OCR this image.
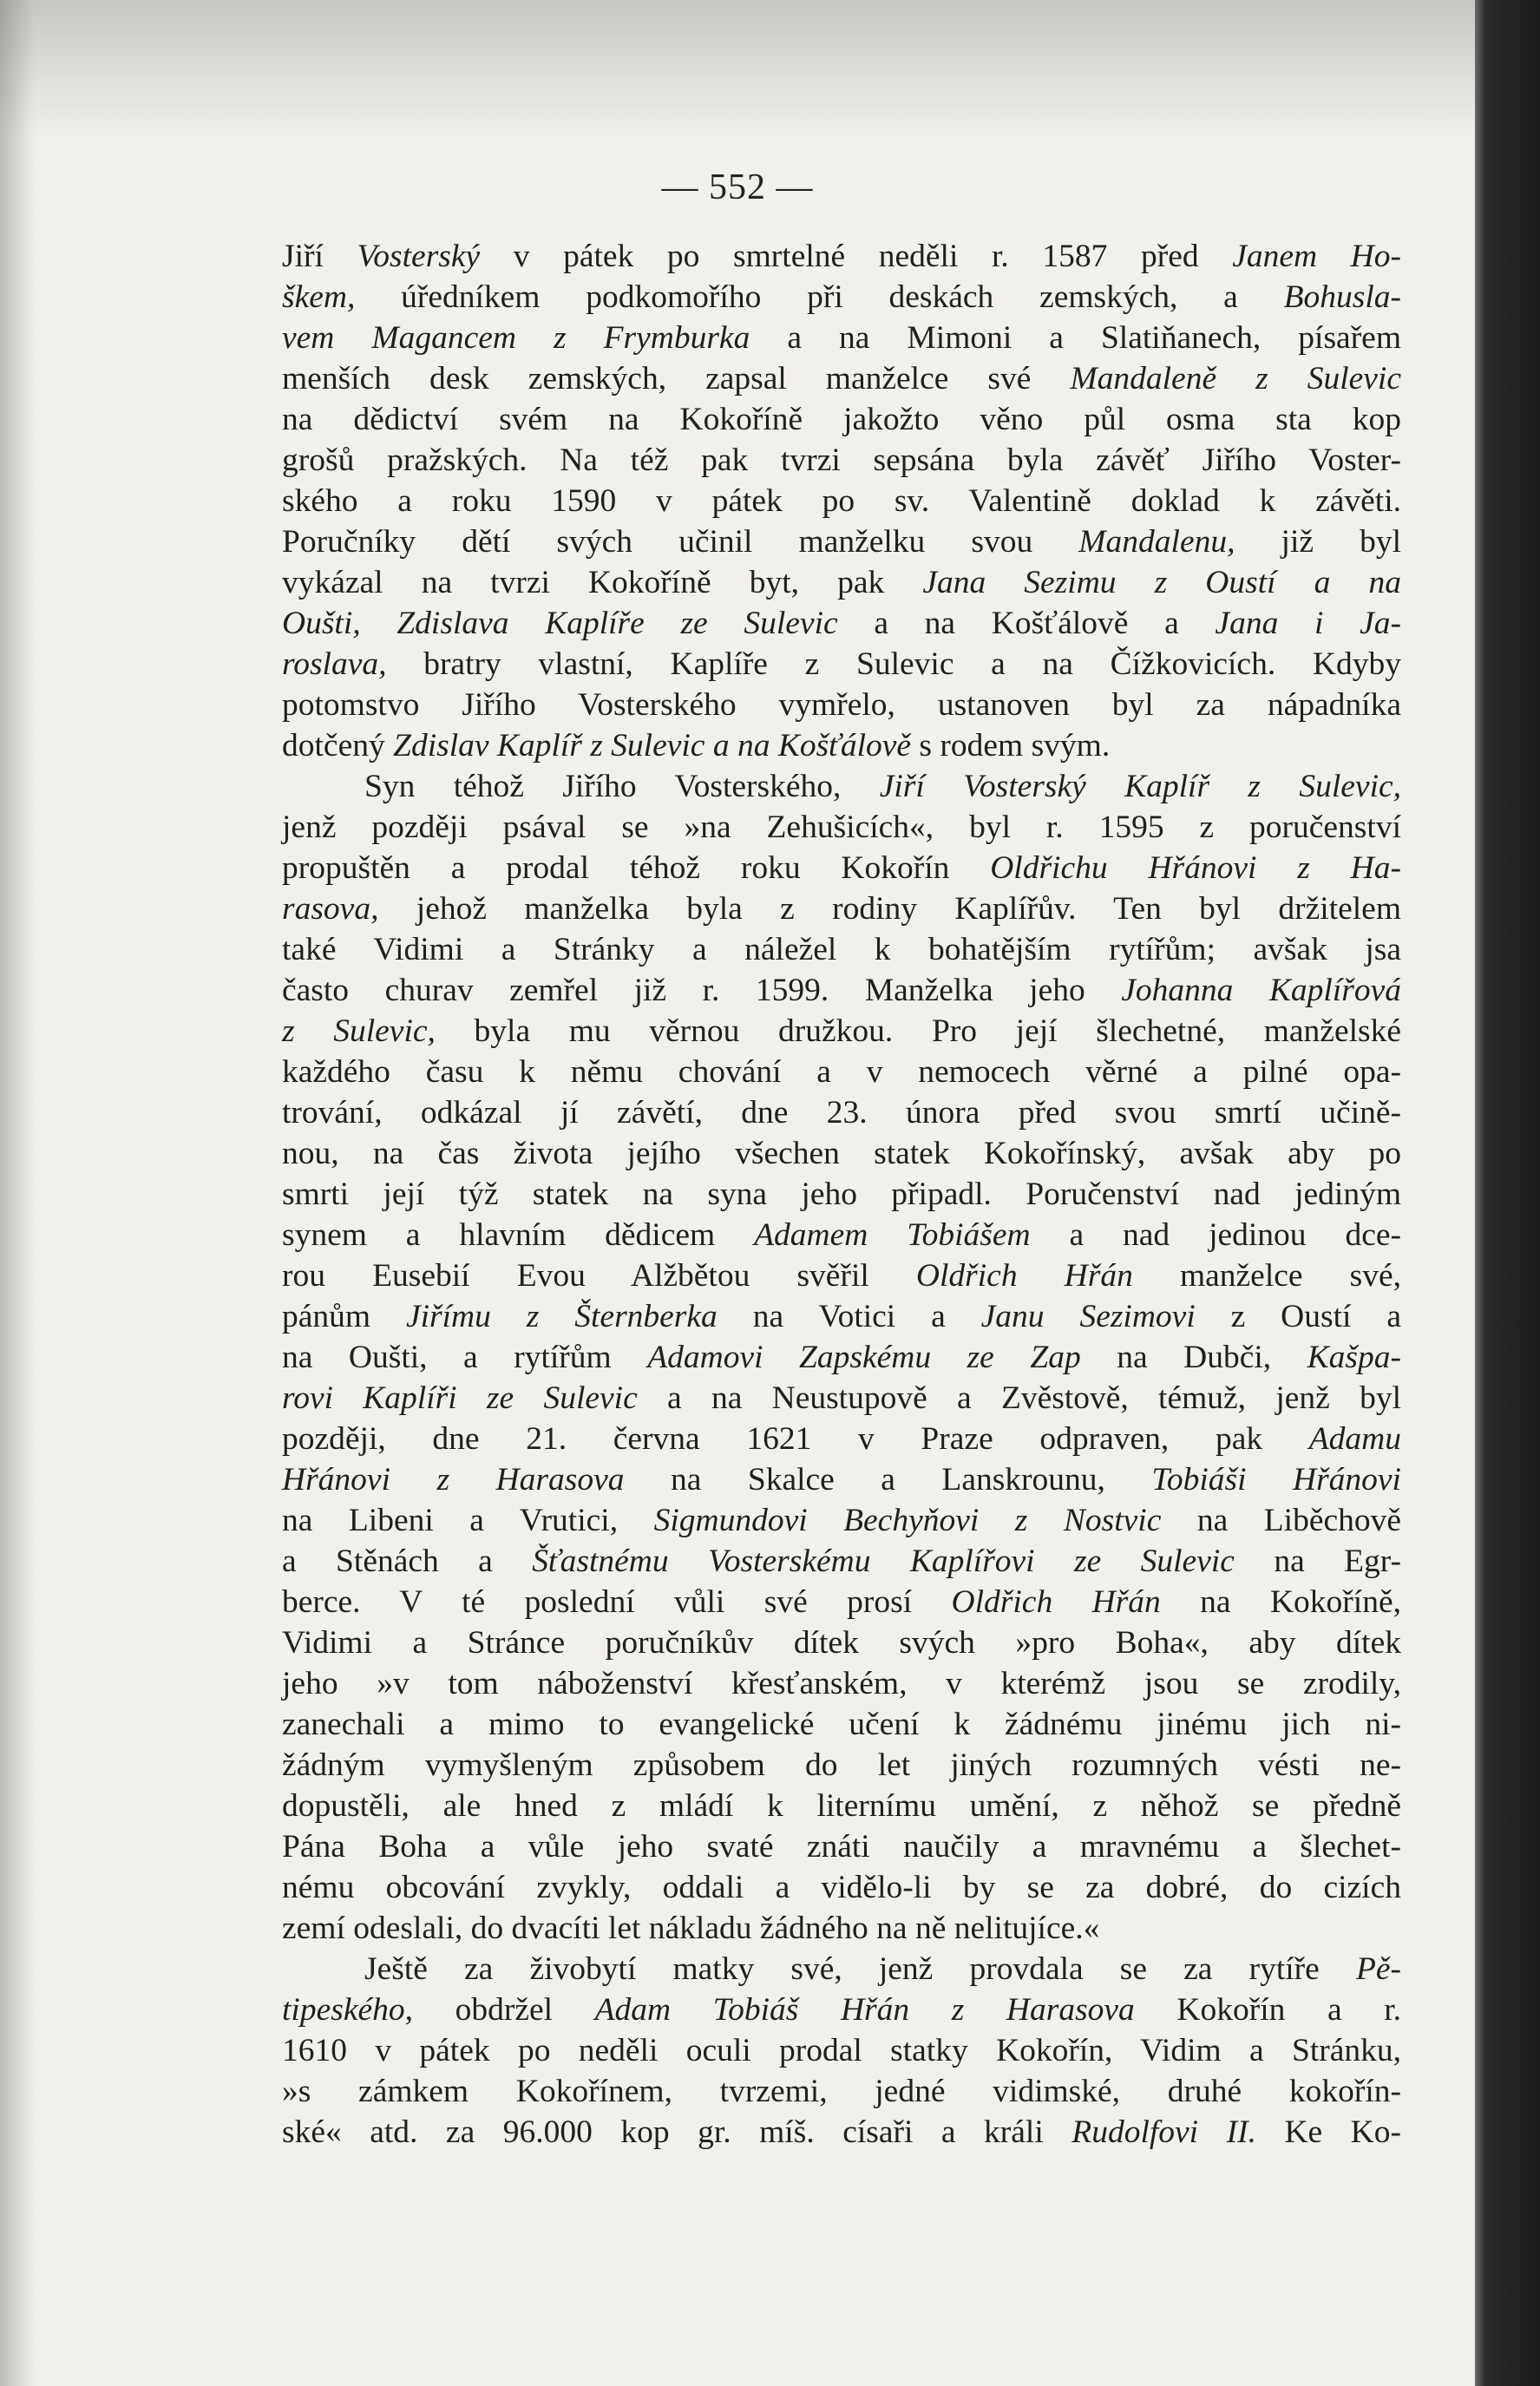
— 552 —
Jiří Vosterský v pátek po smrtelné neděli r. 1587 před Janem Ho-
škem, úředníkem podkomořího při deskách zemských, a Bohusla-
vem Magancem z Frymburka a na Mimoni a Slatiňanech, písařem
menších desk zemských, zapsal manželce své Mandaleně z Sulevic
na dědictví svém na Kokoříně jakožto věno půl osma sta kop
grošů pražských. Na též pak tvrzi sepsána byla závěť Jiřího Voster-
ského a roku 1590 v pátek po sv. Valentině doklad k závěti.
Poručníky dětí svých učinil manželku svou Mandalenu, již byl
vykázal na tvrzi Kokoříně byt, pak Jana Sezimu z Oustí a na
Oušti, Zdislava Kaplíře ze Sulevic a na Košťálově a Jana i Ja-
roslava, bratry vlastní, Kaplíře z Sulevic a na Čížkovicích. Kdyby
potomstvo Jiřího Vosterského vymřelo, ustanoven byl za nápadníka
dotčený Zdislav Kaplíř z Sulevic a na Košťálově s rodem svým.
Syn téhož Jiřího Vosterského, Jiří Vosterský Kaplíř z Sulevic,
jenž později psával se »na Zehušicích«, byl r. 1595 z poručenství
propuštěn a prodal téhož roku Kokořín Oldřichu Hřánovi z Ha-
rasova, jehož manželka byla z rodiny Kaplířův. Ten byl držitelem
také Vidimi a Stránky a náležel k bohatějším rytířům; avšak jsa
často churav zemřel již r. 1599. Manželka jeho Johanna Kaplířová
z Sulevic, byla mu věrnou družkou. Pro její šlechetné, manželské
každého času k němu chování a v nemocech věrné a pilné opa-
trování, odkázal jí závětí, dne 23. února před svou smrtí učině-
nou, na čas života jejího všechen statek Kokořínský, avšak aby po
smrti její týž statek na syna jeho připadl. Poručenství nad jediným
synem a hlavním dědicem Adamem Tobiášem a nad jedinou dce-
rou Eusebií Evou Alžbětou svěřil Oldřich Hřán manželce své,
pánům Jiřímu z Šternberka na Votici a Janu Sezimovi z Oustí a
na Oušti, a rytířům Adamovi Zapskému ze Zap na Dubči, Kašpa-
rovi Kaplíři ze Sulevic a na Neustupově a Zvěstově, témuž, jenž byl
později, dne 21. června 1621 v Praze odpraven, pak Adamu
Hřánovi z Harasova na Skalce a Lanskrounu, Tobiáši Hřánovi
na Libeni a Vrutici, Sigmundovi Bechyňovi z Nostvic na Liběchově
a Stěnách a Šťastnému Vosterskému Kaplířovi ze Sulevic na Egr-
berce. V té poslední vůli své prosí Oldřich Hřán na Kokoříně,
Vidimi a Stránce poručníkův dítek svých »pro Boha«, aby dítek
jeho »v tom náboženství křesťanském, v kterémž jsou se zrodily,
zanechali a mimo to evangelické učení k žádnému jinému jich ni-
žádným vymyšleným způsobem do let jiných rozumných vésti ne-
dopustěli, ale hned z mládí k liternímu umění, z něhož se předně
Pána Boha a vůle jeho svaté znáti naučily a mravnému a šlechet-
nému obcování zvykly, oddali a vidělo-li by se za dobré, do cizích
zemí odeslali, do dvacíti let nákladu žádného na ně nelitujíce.«
Ještě za živobytí matky své, jenž provdala se za rytíře Pě-
tipeského, obdržel Adam Tobiáš Hřán z Harasova Kokořín a r.
1610 v pátek po neděli oculi prodal statky Kokořín, Vidim a Stránku,
»s zámkem Kokořínem, tvrzemi, jedné vidimské, druhé kokořín-
ské« atd. za 96.000 kop gr. míš. císaři a králi Rudolfovi II. Ke Ko-
